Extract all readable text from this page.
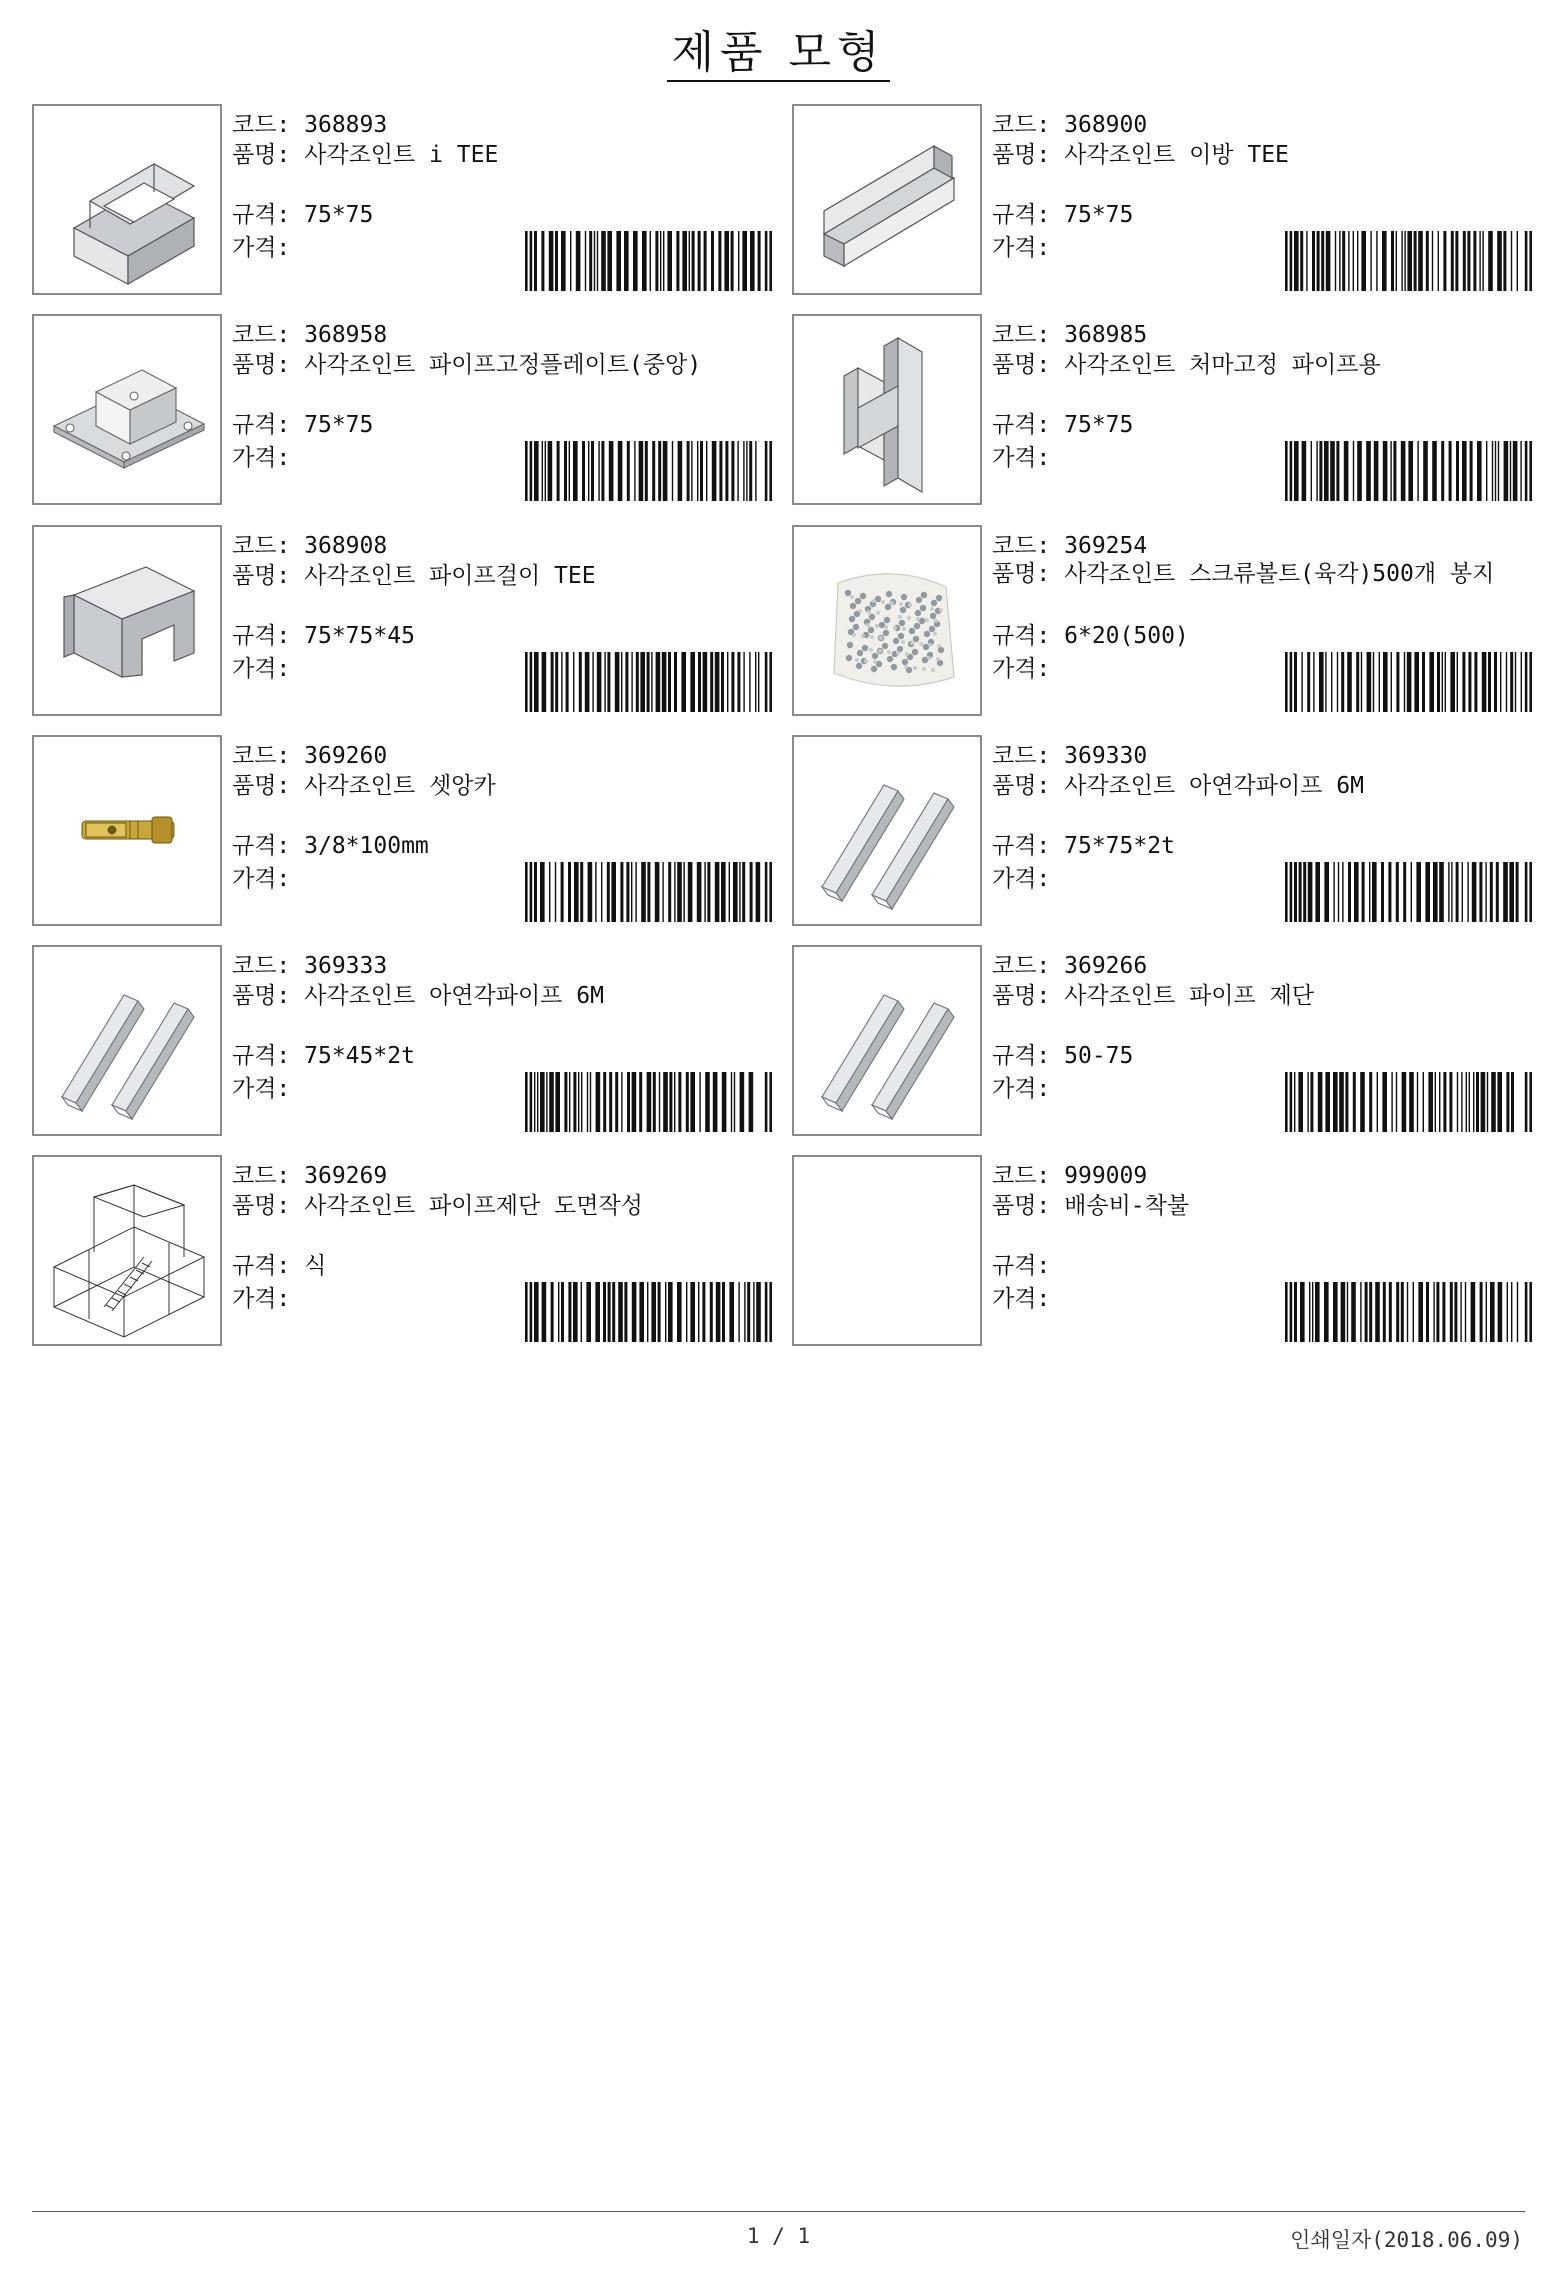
제품 모형
코드: 368893
품명: 사각조인트 i TEE
규격: 75*75
가격:
코드: 368900
품명: 사각조인트 이방 TEE
규격: 75*75
가격:
코드: 368958
품명: 사각조인트 파이프고정플레이트(중앙)
규격: 75*75
가격:
코드: 368985
품명: 사각조인트 처마고정 파이프용
규격: 75*75
가격:
코드: 368908
품명: 사각조인트 파이프걸이 TEE
규격: 75*75*45
가격:
코드: 369254
품명: 사각조인트 스크류볼트(육각)500개 봉지
규격: 6*20(500)
가격:
코드: 369260
품명: 사각조인트 셋앙카
규격: 3/8*100mm
가격:
코드: 369330
품명: 사각조인트 아연각파이프 6M
규격: 75*75*2t
가격:
코드: 369333
품명: 사각조인트 아연각파이프 6M
규격: 75*45*2t
가격:
코드: 369266
품명: 사각조인트 파이프 제단
규격: 50-75
가격:
코드: 369269
품명: 사각조인트 파이프제단 도면작성
규격: 식
가격:
코드: 999009
품명: 배송비-착불
규격:
가격:
1 / 1	인쇄일자(2018.06.09)
